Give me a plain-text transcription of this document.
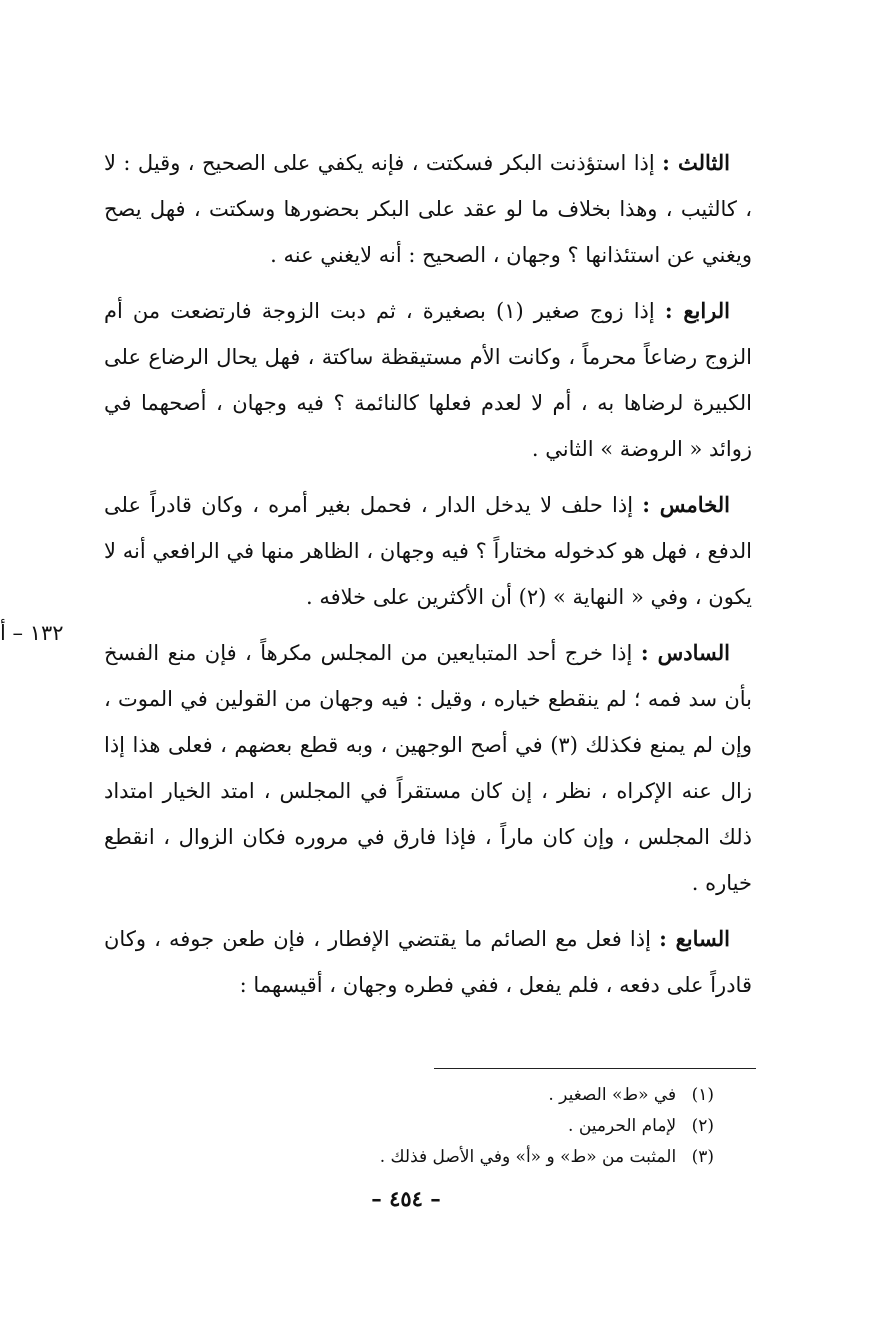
الثالث : إذا استؤذنت البكر فسكتت ، فإنه يكفي على الصحيح ، وقيل : لا ، كالثيب ، وهذا بخلاف ما لو عقد على البكر بحضورها وسكتت ، فهل يصح ويغني عن استئذانها ؟ وجهان ، الصحيح : أنه لايغني عنه .

الرابع : إذا زوج صغير (١) بصغيرة ، ثم دبت الزوجة فارتضعت من أم الزوج رضاعاً محرماً ، وكانت الأم مستيقظة ساكتة ، فهل يحال الرضاع على الكبيرة لرضاها به ، أم لا لعدم فعلها كالنائمة ؟ فيه وجهان ، أصحهما في زوائد « الروضة » الثاني .

الخامس : إذا حلف لا يدخل الدار ، فحمل بغير أمره ، وكان قادراً على الدفع ، فهل هو كدخوله مختاراً ؟ فيه وجهان ، الظاهر منها في الرافعي أنه لا يكون ، وفي « النهاية » (٢) أن الأكثرين على خلافه .

السادس : إذا خرج أحد المتبايعين من المجلس مكرهاً ، فإن منع الفسخ بأن سد فمه ؛ لم ينقطع خياره ، وقيل : فيه وجهان من القولين في الموت ، وإن لم يمنع فكذلك (٣) في أصح الوجهين ، وبه قطع بعضهم ، فعلى هذا إذا زال عنه الإكراه ، نظر ، إن كان مستقراً في المجلس ، امتد الخيار امتداد ذلك المجلس ، وإن كان ماراً ، فإذا فارق في مروره فكان الزوال ، انقطع خياره .

السابع : إذا فعل مع الصائم ما يقتضي الإفطار ، فإن طعن جوفه ، وكان قادراً على دفعه ، فلم يفعل ، ففي فطره وجهان ، أقيسهما :

١٣٢ – أ
(١) في «ط» الصغير .
(٢) لإمام الحرمين .
(٣) المثبت من «ط» و «أ» وفي الأصل فذلك .
– ٤٥٤ –
